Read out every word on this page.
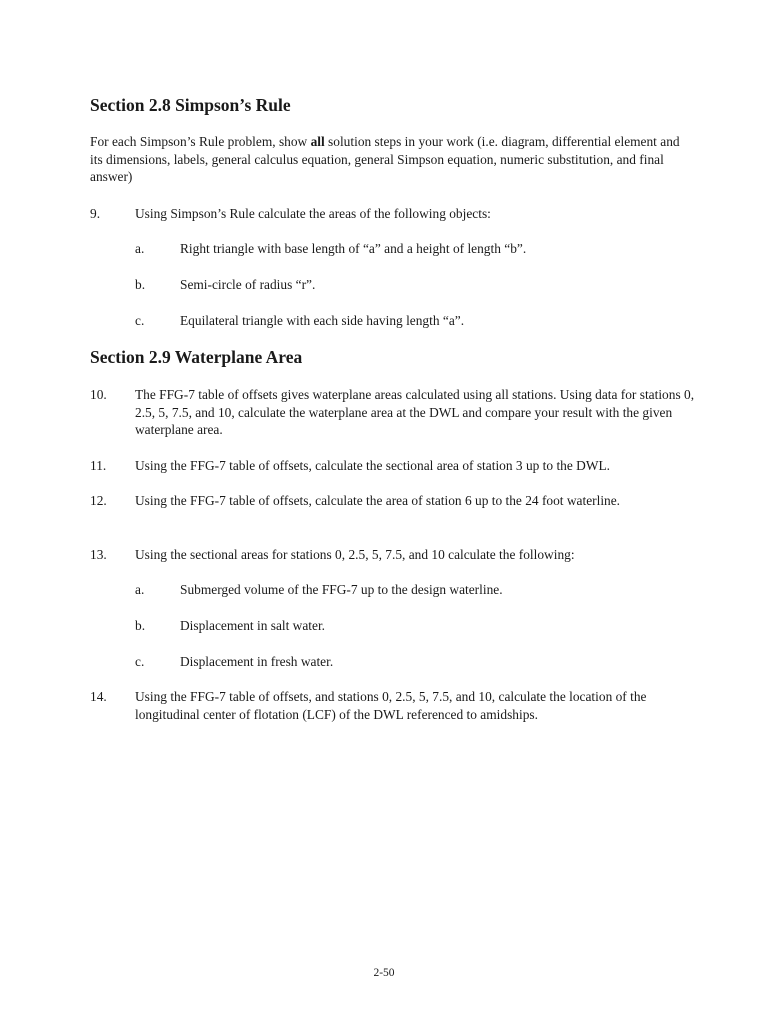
Section 2.8 Simpson’s Rule
For each Simpson’s Rule problem, show all solution steps in your work (i.e. diagram, differential element and its dimensions, labels, general calculus equation, general Simpson equation, numeric substitution, and final answer)
9.	Using Simpson’s Rule calculate the areas of the following objects:
a.	Right triangle with base length of “a” and a height of length “b”.
b.	Semi-circle of radius “r”.
c.	Equilateral triangle with each side having length “a”.
Section 2.9 Waterplane Area
10. The FFG-7 table of offsets gives waterplane areas calculated using all stations. Using data for stations 0, 2.5, 5, 7.5, and 10, calculate the waterplane area at the DWL and compare your result with the given waterplane area.
11. Using the FFG-7 table of offsets, calculate the sectional area of station 3 up to the DWL.
12. Using the FFG-7 table of offsets, calculate the area of station 6 up to the 24 foot waterline.
13. Using the sectional areas for stations 0, 2.5, 5, 7.5, and 10 calculate the following:
a.	Submerged volume of the FFG-7 up to the design waterline.
b.	Displacement in salt water.
c.	Displacement in fresh water.
14. Using the FFG-7 table of offsets, and stations 0, 2.5, 5, 7.5, and 10, calculate the location of the longitudinal center of flotation (LCF) of the DWL referenced to amidships.
2-50
